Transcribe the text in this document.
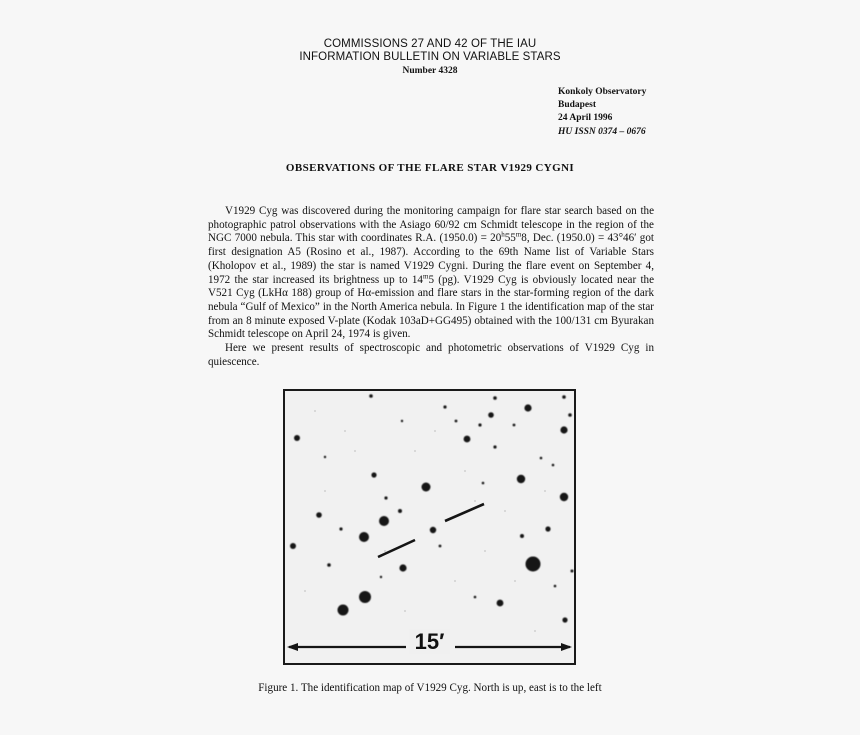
COMMISSIONS 27 AND 42 OF THE IAU
INFORMATION BULLETIN ON VARIABLE STARS
Number 4328
Konkoly Observatory
Budapest
24 April 1996
HU ISSN 0374 – 0676
OBSERVATIONS OF THE FLARE STAR V1929 CYGNI

V1929 Cyg was discovered during the monitoring campaign for flare star search based on the photographic patrol observations with the Asiago 60/92 cm Schmidt telescope in the region of the NGC 7000 nebula. This star with coordinates R.A. $(1950.0) = 20^h55^m8$, Dec. (1950.0) = 43°46′ got first designation A5 (Rosino et al., 1987). According to the 69th Name list of Variable Stars (Kholopov et al., 1989) the star is named V1929 Cygni. During the flare event on September 4, 1972 the star increased its brightness up to 14$^m$5 (pg). V1929 Cyg is obviously located near the V521 Cyg (LkHα 188) group of Hα-emission and flare stars in the star-forming region of the dark nebula “Gulf of Mexico” in the North America nebula. In Figure 1 the identification map of the star from an 8 minute exposed V-plate (Kodak 103aD+GG495) obtained with the 100/131 cm Byurakan Schmidt telescope on April 24, 1974 is given.

Here we present results of spectroscopic and photometric observations of V1929 Cyg in quiescence.

15′
Figure 1. The identification map of V1929 Cyg. North is up, east is to the left
